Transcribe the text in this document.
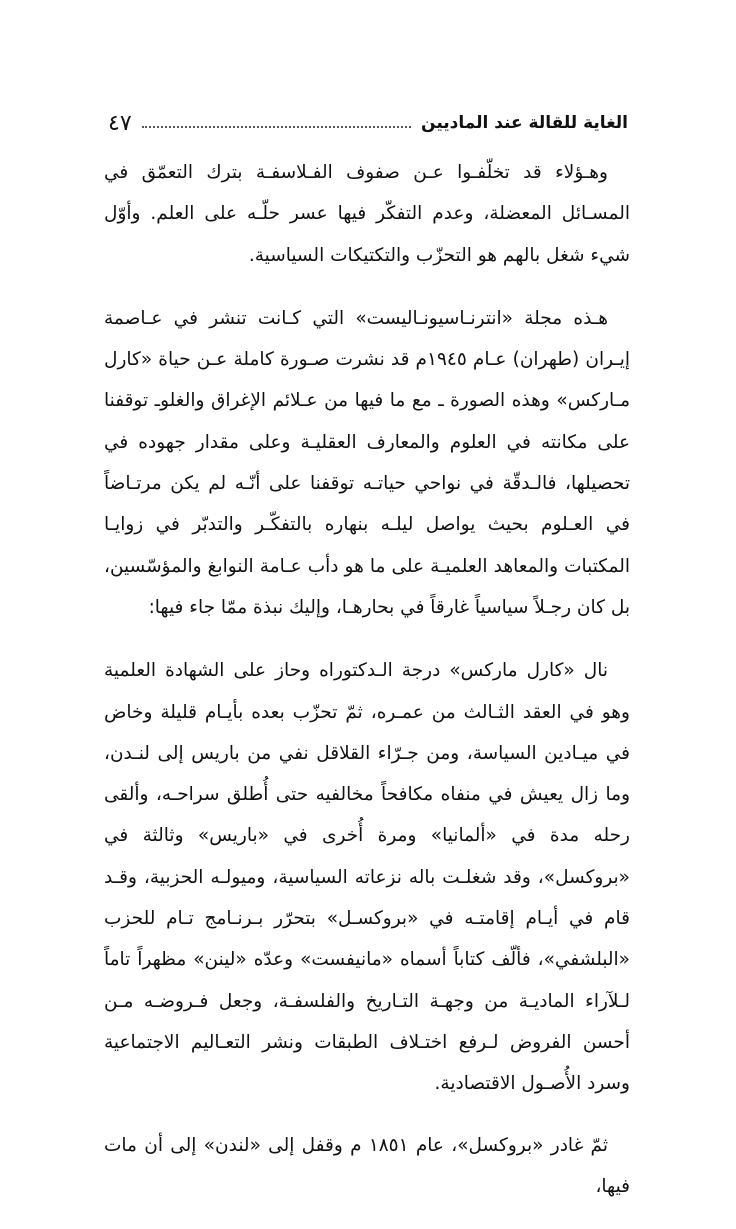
الغاية للقالة عند الماديين
٤٧

وهـؤلاء قد تخلّفـوا عـن صفوف الفـلاسفـة بترك التعمّق في المسـائل المعضلة، وعدم التفكّر فيها عسر حلّـه على العلم. وأوّل شيء شغل بالهم هو التحزّب والتكتيكات السياسية.

هـذه مجلة «انترنـاسيونـاليست» التي كـانت تنشر في عـاصمة إيـران (طهران) عـام ١٩٤٥م قد نشرت صـورة كاملة عـن حياة «كارل مـاركس» وهذه الصورة ـ مع ما فيها من عـلائم الإغراق والغلوـ توقفنا على مكانته في العلوم والمعارف العقليـة وعلى مقدار جهوده في تحصيلها، فالـدقّة في نواحي حياتـه توقفنا على أنّـه لم يكن مرتـاضاً في العـلوم بحيث يواصل ليلـه بنهاره بالتفكّـر والتدبّر في زوايـا المكتبات والمعاهد العلميـة على ما هو دأب عـامة النوابغ والمؤسّسين، بل كان رجـلاً سياسياً غارقاً في بحارهـا، وإليك نبذة ممّا جاء فيها:

نال «كارل ماركس» درجة الـدكتوراه وحاز على الشهادة العلمية وهو في العقد الثـالث من عمـره، ثمّ تحزّب بعده بأيـام قليلة وخاض في ميـادين السياسة، ومن جـرّاء القلاقل نفي من باريس إلى لنـدن، وما زال يعيش في منفاه مكافحاً مخالفيه حتى أُطلق سراحـه، وألقى رحله مدة في «ألمانيا» ومرة أُخرى في «باريس» وثالثة في «بروكسل»، وقد شغلـت باله نزعاته السياسية، وميولـه الحزبية، وقـد قام في أيـام إقامتـه في «بروكسـل» بتحرّر بـرنـامج تـام للحزب «البلشفي»، فألّف كتاباً أسماه «مانيفست» وعدّه «لينن» مظهراً تاماً لـلآراء الماديـة من وجهـة التـاريخ والفلسفـة، وجعل فـروضـه مـن أحسن الفروض لـرفع اختـلاف الطبقات ونشر التعـاليم الاجتماعية وسرد الأُصـول الاقتصادية.

ثمّ غادر «بروكسل»، عام ١٨٥١ م وقفل إلى «لندن» إلى أن مات فيها،
